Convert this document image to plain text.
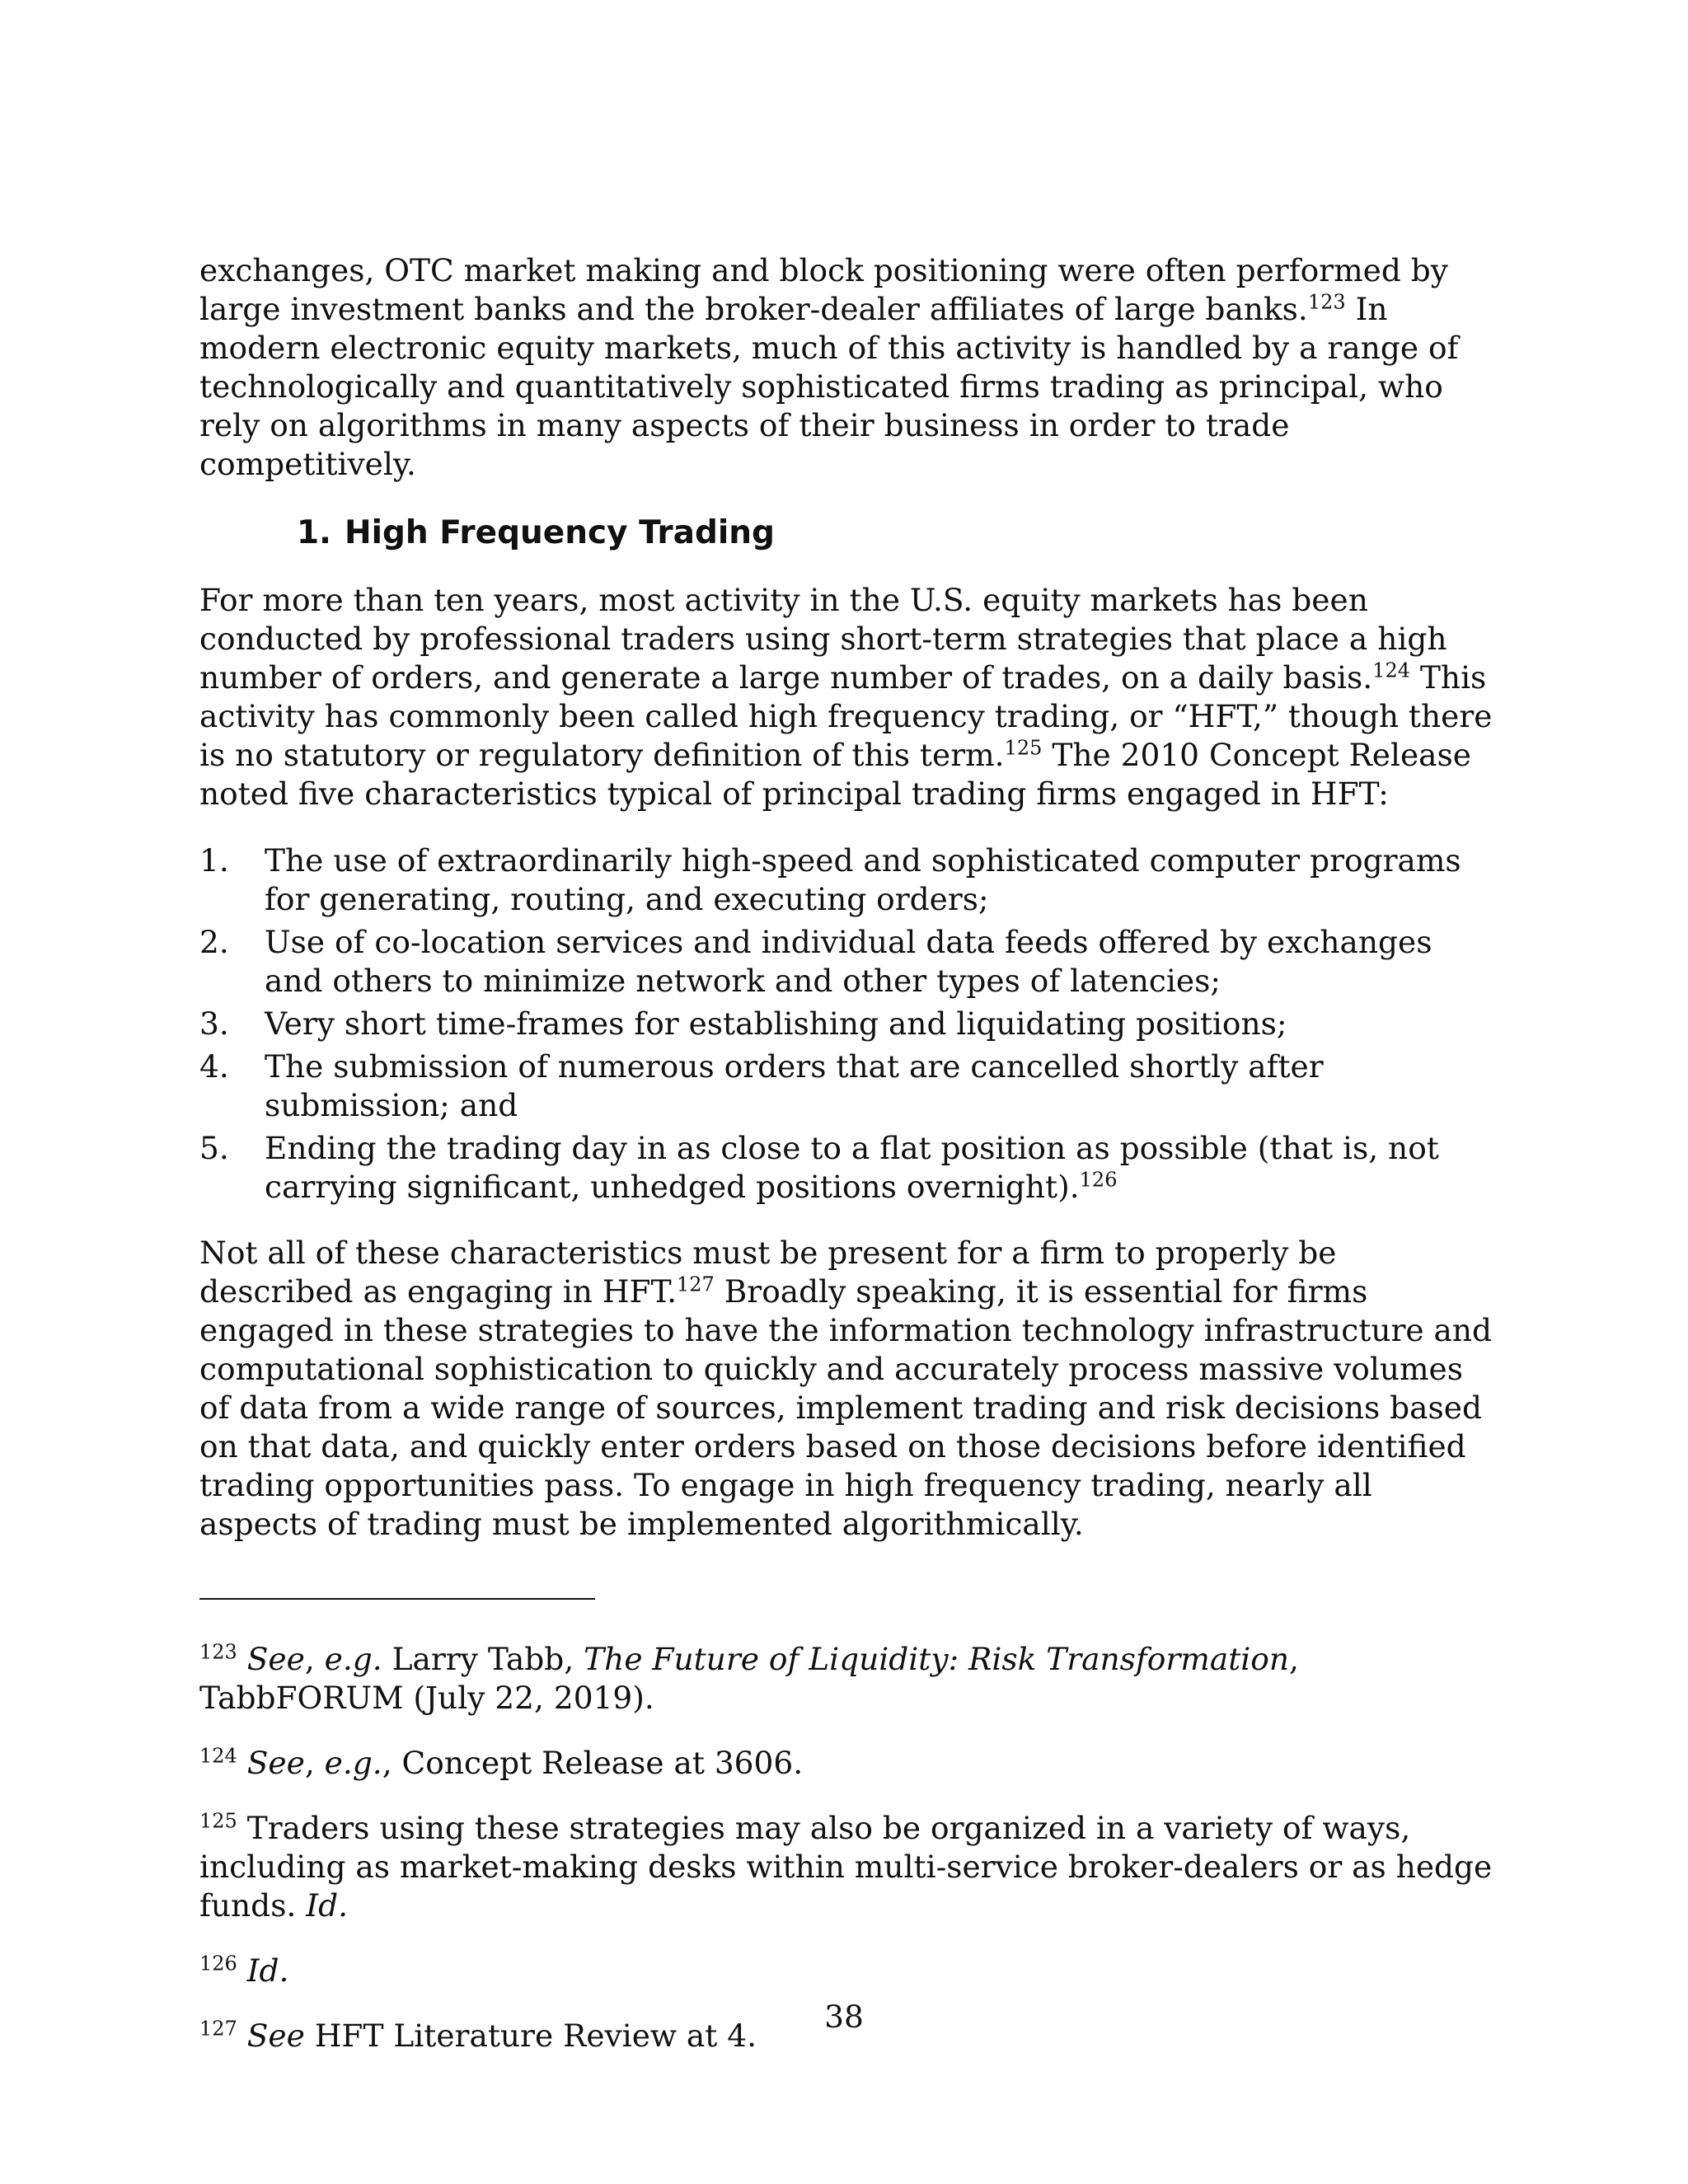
exchanges, OTC market making and block positioning were often performed by large investment banks and the broker-dealer affiliates of large banks.$^{123}$ In modern electronic equity markets, much of this activity is handled by a range of technologically and quantitatively sophisticated firms trading as principal, who rely on algorithms in many aspects of their business in order to trade competitively.

1. High Frequency Trading

For more than ten years, most activity in the U.S. equity markets has been conducted by professional traders using short-term strategies that place a high number of orders, and generate a large number of trades, on a daily basis.$^{124}$ This activity has commonly been called high frequency trading, or “HFT,” though there is no statutory or regulatory definition of this term.$^{125}$ The 2010 Concept Release noted five characteristics typical of principal trading firms engaged in HFT:

1.	The use of extraordinarily high-speed and sophisticated computer programs for generating, routing, and executing orders;
2.	Use of co-location services and individual data feeds offered by exchanges and others to minimize network and other types of latencies;
3.	Very short time-frames for establishing and liquidating positions;
4.	The submission of numerous orders that are cancelled shortly after submission; and
5.	Ending the trading day in as close to a flat position as possible (that is, not carrying significant, unhedged positions overnight).$^{126}$

Not all of these characteristics must be present for a firm to properly be described as engaging in HFT.$^{127}$ Broadly speaking, it is essential for firms engaged in these strategies to have the information technology infrastructure and computational sophistication to quickly and accurately process massive volumes of data from a wide range of sources, implement trading and risk decisions based on that data, and quickly enter orders based on those decisions before identified trading opportunities pass. To engage in high frequency trading, nearly all aspects of trading must be implemented algorithmically.

$^{123}$ See, e.g. Larry Tabb, The Future of Liquidity: Risk Transformation, TabbFORUM (July 22, 2019).

$^{124}$ See, e.g., Concept Release at 3606.

$^{125}$ Traders using these strategies may also be organized in a variety of ways, including as market-making desks within multi-service broker-dealers or as hedge funds. Id.

$^{126}$ Id.

$^{127}$ See HFT Literature Review at 4.

38
